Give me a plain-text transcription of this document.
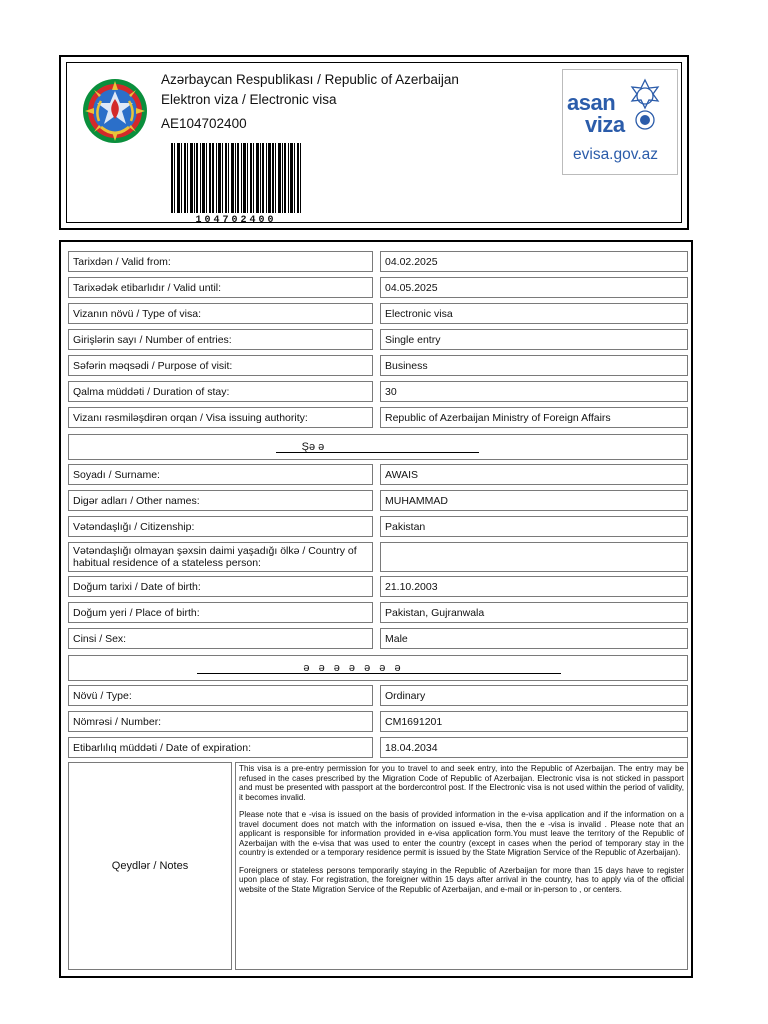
Azərbaycan Respublikası / Republic of Azerbaijan
Elektron viza / Electronic visa
AE104702400
104702400
asan
viza
evisa.gov.az
Tarixdən / Valid from:	04.02.2025
Tarixədək etibarlıdır / Valid until:	04.05.2025
Vizanın növü / Type of visa:	Electronic visa
Girişlərin sayı / Number of entries:	Single entry
Səfərin məqsədi / Purpose of visit:	Business
Qalma müddəti / Duration of stay:	30
Vizanı rəsmiləşdirən orqan / Visa issuing authority:	Republic of Azerbaijan Ministry of Foreign Affairs
Şə ə
Soyadı / Surname:	AWAIS
Digər adları / Other names:	MUHAMMAD
Vətəndaşlığı / Citizenship:	Pakistan
Vətəndaşlığı olmayan şəxsin daimi yaşadığı ölkə / Country of habitual residence of a stateless person:
Doğum tarixi / Date of birth:	21.10.2003
Doğum yeri / Place of birth:	Pakistan, Gujranwala
Cinsi / Sex:	Male
ə ə ə ə ə ə ə
Növü / Type:	Ordinary
Nömrəsi / Number:	CM1691201
Etibarlılıq müddəti / Date of expiration:	18.04.2034
Qeydlər / Notes

This visa is a pre-entry permission for you to travel to and seek entry, into the Republic of Azerbaijan. The entry may be refused in the cases prescribed by the Migration Code of Republic of Azerbaijan. Electronic visa is not sticked in passport and must be presented with passport at the bordercontrol post. If the Electronic visa is not used within the period of validity, it becomes invalid.

Please note that e -visa is issued on the basis of provided information in the e-visa application and if the information on a travel document does not match with the information on issued e-visa, then the e -visa is invalid . Please note that an applicant is responsible for information provided in e-visa application form.You must leave the territory of the Republic of Azerbaijan with the e-visa that was used to enter the country (except in cases when the period of temporary stay in the country is extended or a temporary residence permit is issued by the State Migration Service of the Republic of Azerbaijan).

Foreigners or stateless persons temporarily staying in the Republic of Azerbaijan for more than 15 days have to register upon place of stay. For registration, the foreigner within 15 days after arrival in the country, has to apply via of the official website of the State Migration Service of the Republic of Azerbaijan, and e-mail or in-person to , or centers.
